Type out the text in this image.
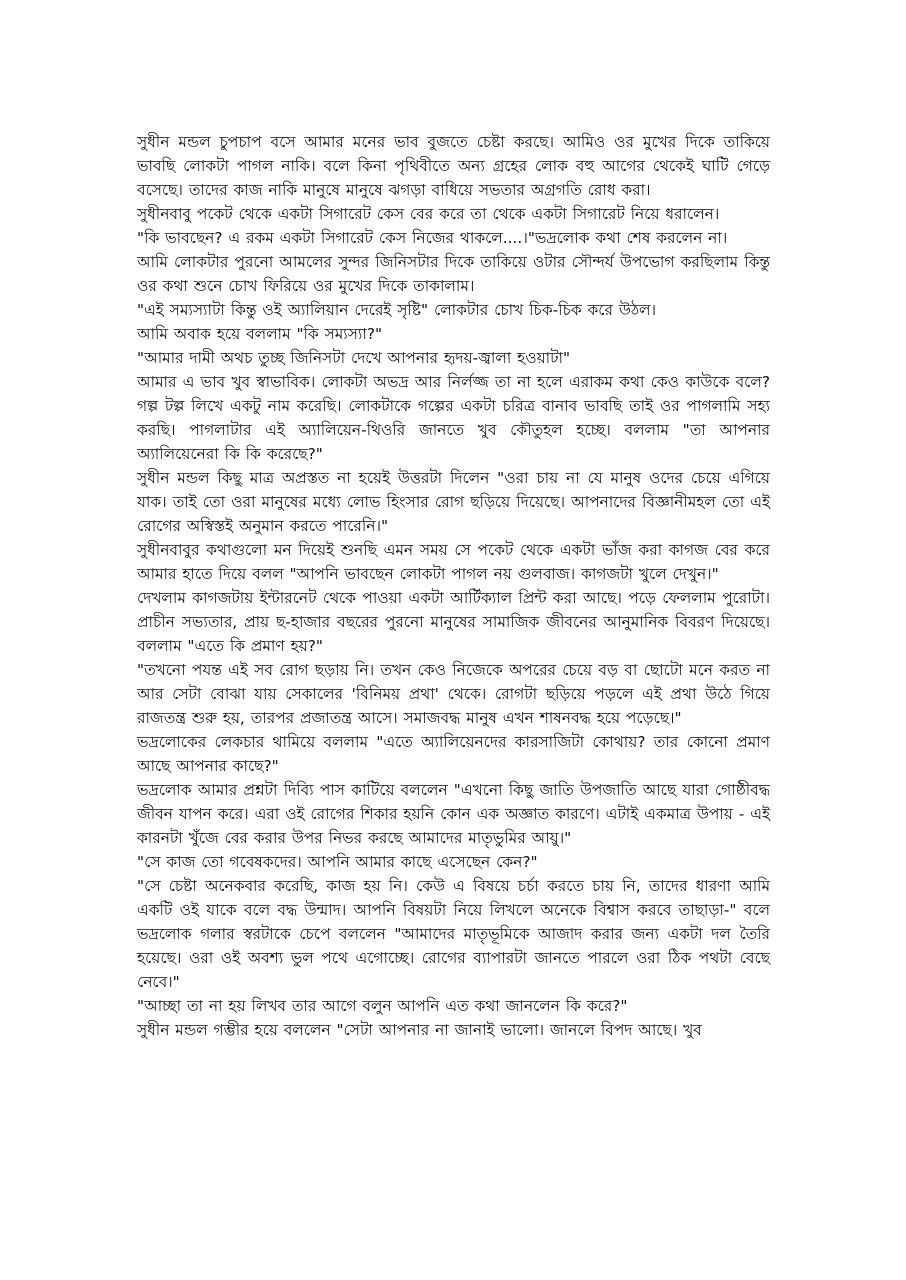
সুধীন মন্ডল চুপচাপ বসে আমার মনের ভাব বুজতে চেষ্টা করছে। আমিও ওর মুখের দিকে তাকিয়ে ভাবছি লোকটা পাগল নাকি। বলে কিনা পৃথিবীতে অন্য গ্রহের লোক বহু আগের থেকেই ঘাটি গেড়ে বসেছে। তাদের কাজ নাকি মানুষে মানুষে ঝগড়া বাধিয়ে সভতার অগ্রগতি রোধ করা।

সুধীনবাবু পকেট থেকে একটা সিগারেট কেস বের করে তা থেকে একটা সিগারেট নিয়ে ধরালেন।

"কি ভাবছেন? এ রকম একটা সিগারেট কেস নিজের থাকলে....।"ভদ্রলোক কথা শেষ করলেন না।

আমি লোকটার পুরনো আমলের সুন্দর জিনিসটার দিকে তাকিয়ে ওটার সৌন্দর্য উপভোগ করছিলাম কিন্তু ওর কথা শুনে চোখ ফিরিয়ে ওর মুখের দিকে তাকালাম।

"এই সম্যস্যাটা কিন্তু ওই অ্যালিয়ান দেরেই সৃষ্টি" লোকটার চোখ চিক-চিক করে উঠল।

আমি অবাক হয়ে বললাম "কি সম্যস্যা?"

"আমার দামী অথচ তুচ্ছ জিনিসটা দেখে আপনার হৃদয়-জ্বালা হওয়াটা"

আমার এ ভাব খুব স্বাভাবিক। লোকটা অভদ্র আর নির্লজ্জ তা না হলে এরাকম কথা কেও কাউকে বলে? গল্প টল্প লিখে একটু নাম করেছি। লোকটাকে গল্পের একটা চরিত্র বানাব ভাবছি তাই ওর পাগলামি সহ্য করছি। পাগলাটার এই অ্যালিয়েন-থিওরি জানতে খুব কৌতুহল হচ্ছে। বললাম "তা আপনার অ্যালিয়েনেরা কি কি করেছে?"

সুধীন মন্ডল কিছু মাত্র অপ্রস্তত না হয়েই উত্তরটা দিলেন "ওরা চায় না যে মানুষ ওদের চেয়ে এগিয়ে যাক। তাই তো ওরা মানুষের মধ্যে লোভ হিংসার রোগ ছড়িয়ে দিয়েছে। আপনাদের বিজ্ঞানীমহল তো এই রোগের অস্বিস্তই অনুমান করতে পারেনি।"

সুধীনবাবুর কথাগুলো মন দিয়েই শুনছি এমন সময় সে পকেট থেকে একটা ভাঁজ করা কাগজ বের করে আমার হাতে দিয়ে বলল "আপনি ভাবছেন লোকটা পাগল নয় গুলবাজ। কাগজটা খুলে দেখুন।"

দেখলাম কাগজটায় ইন্টারনেট থেকে পাওয়া একটা আর্টিক্যাল প্রিন্ট করা আছে। পড়ে ফেললাম পুরোটা। প্রাচীন সভ্যতার, প্রায় ছ-হাজার বছরের পুরনো মানুষের সামাজিক জীবনের আনুমানিক বিবরণ দিয়েছে। বললাম "এতে কি প্রমাণ হয়?"

"তখনো পযন্ত এই সব রোগ ছড়ায় নি। তখন কেও নিজেকে অপরের চেয়ে বড় বা ছোটো মনে করত না আর সেটা বোঝা যায় সেকালের 'বিনিময় প্রথা' থেকে। রোগটা ছড়িয়ে পড়লে এই প্রথা উঠে গিয়ে রাজতন্ত্র শুরু হয়, তারপর প্রজাতন্ত্র আসে। সমাজবদ্ধ মানুষ এখন শাষনবদ্ধ হয়ে পড়েছে।"

ভদ্রলোকের লেকচার থামিয়ে বললাম "এতে অ্যালিয়েনদের কারসাজিটা কোথায়? তার কোনো প্রমাণ আছে আপনার কাছে?"

ভদ্রলোক আমার প্রশ্নটা দিব্যি পাস কাটিয়ে বললেন "এখনো কিছু জাতি উপজাতি আছে যারা গোষ্ঠীবদ্ধ জীবন যাপন করে। এরা ওই রোগের শিকার হয়নি কোন এক অজ্ঞাত কারণে। এটাই একমাত্র উপায় - এই কারনটা খুঁজে বের করার উপর নিভর করছে আমাদের মাতৃভুমির আয়ু।"

"সে কাজ তো গবেষকদের। আপনি আমার কাছে এসেছেন কেন?"

"সে চেষ্টা অনেকবার করেছি, কাজ হয় নি। কেউ এ বিষয়ে চর্চা করতে চায় নি, তাদের ধারণা আমি একটি ওই যাকে বলে বদ্ধ উন্মাদ। আপনি বিষয়টা নিয়ে লিখলে অনেকে বিশ্বাস করবে তাছাড়া-" বলে ভদ্রলোক গলার স্বরটাকে চেপে বললেন "আমাদের মাতৃভূমিকে আজাদ করার জন্য একটা দল তৈরি হয়েছে। ওরা ওই অবশ্য ভুল পথে এগোচ্ছে। রোগের ব্যাপারটা জানতে পারলে ওরা ঠিক পথটা বেছে নেবে।"

"আচ্ছা তা না হয় লিখব তার আগে বলুন আপনি এত কথা জানলেন কি করে?"

সুধীন মন্ডল গম্ভীর হয়ে বললেন "সেটা আপনার না জানাই ভালো। জানলে বিপদ আছে। খুব
